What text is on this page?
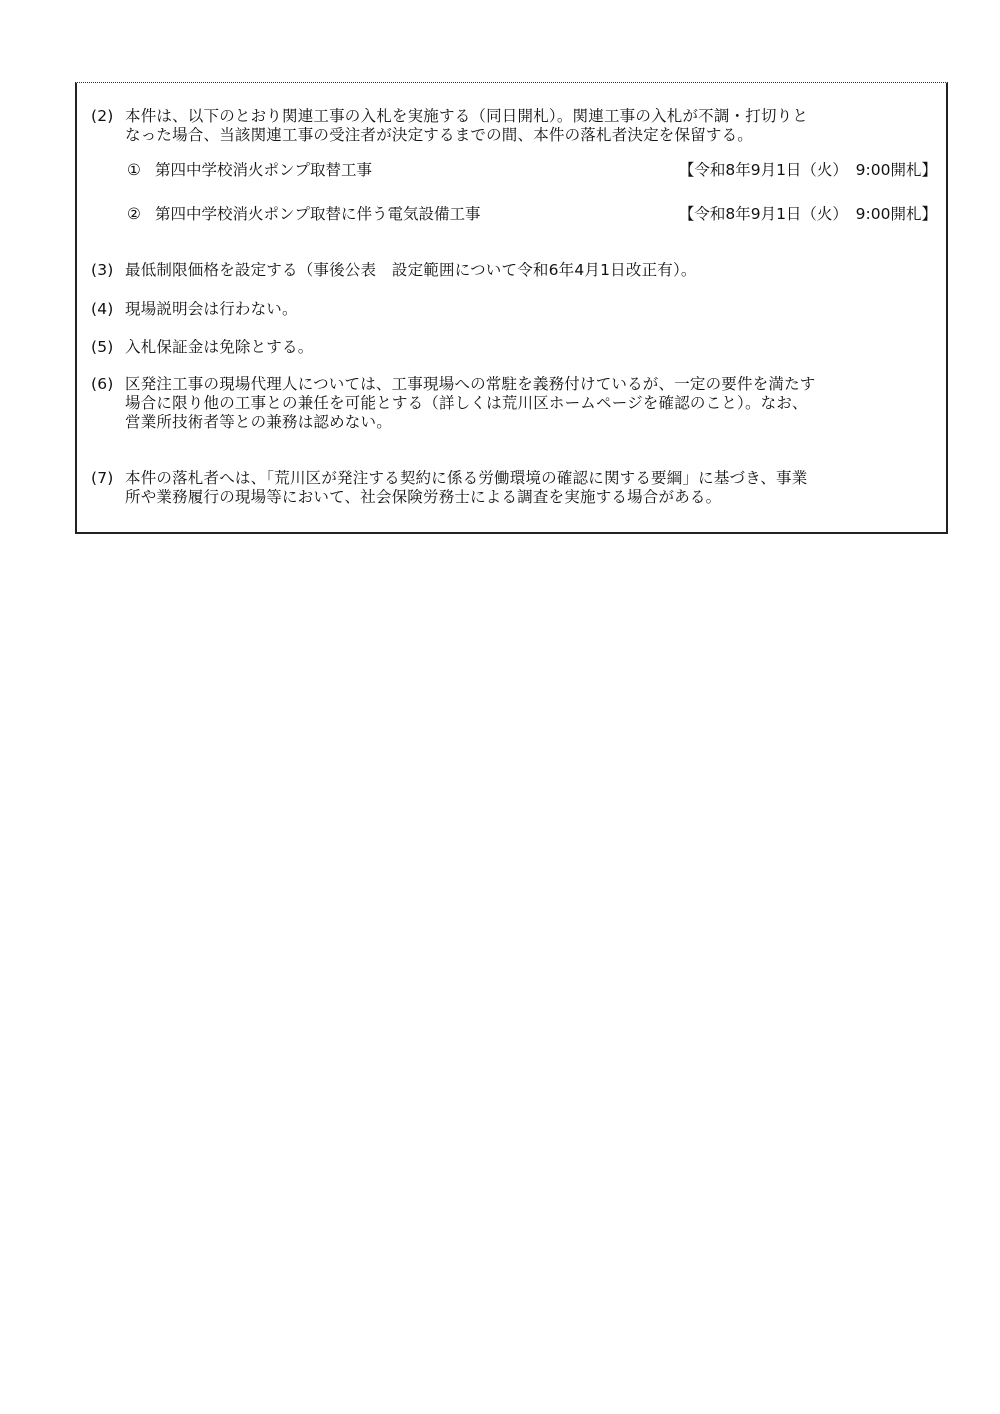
(2) 本件は、以下のとおり関連工事の入札を実施する（同日開札）。関連工事の入札が不調・打切りと
なった場合、当該関連工事の受注者が決定するまでの間、本件の落札者決定を保留する。
① 第四中学校消火ポンプ取替工事	【令和8年9月1日（火）　9:00開札】
② 第四中学校消火ポンプ取替に伴う電気設備工事	【令和8年9月1日（火）　9:00開札】
(3) 最低制限価格を設定する（事後公表　設定範囲について令和6年4月1日改正有）。
(4) 現場説明会は行わない。
(5) 入札保証金は免除とする。
(6) 区発注工事の現場代理人については、工事現場への常駐を義務付けているが、一定の要件を満たす
場合に限り他の工事との兼任を可能とする（詳しくは荒川区ホームページを確認のこと）。なお、
営業所技術者等との兼務は認めない。
(7) 本件の落札者へは、「荒川区が発注する契約に係る労働環境の確認に関する要綱」に基づき、事業
所や業務履行の現場等において、社会保険労務士による調査を実施する場合がある。
